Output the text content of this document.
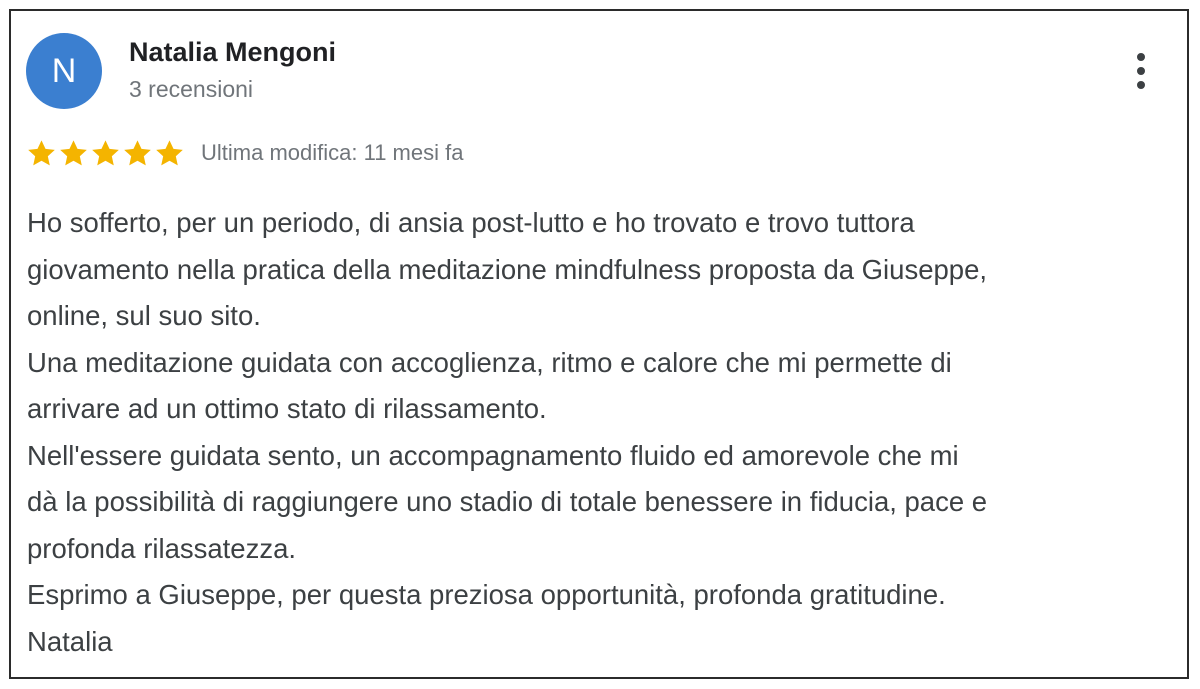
N	Natalia Mengoni
3 recensioni
Ultima modifica: 11 mesi fa
Ho sofferto, per un periodo, di ansia post-lutto e ho trovato e trovo tuttora
giovamento nella pratica della meditazione mindfulness proposta da Giuseppe,
online, sul suo sito.
Una meditazione guidata con accoglienza, ritmo e calore che mi permette di
arrivare ad un ottimo stato di rilassamento.
Nell'essere guidata sento, un accompagnamento fluido ed amorevole che mi
dà la possibilità di raggiungere uno stadio di totale benessere in fiducia, pace e
profonda rilassatezza.
Esprimo a Giuseppe, per questa preziosa opportunità, profonda gratitudine.
Natalia
